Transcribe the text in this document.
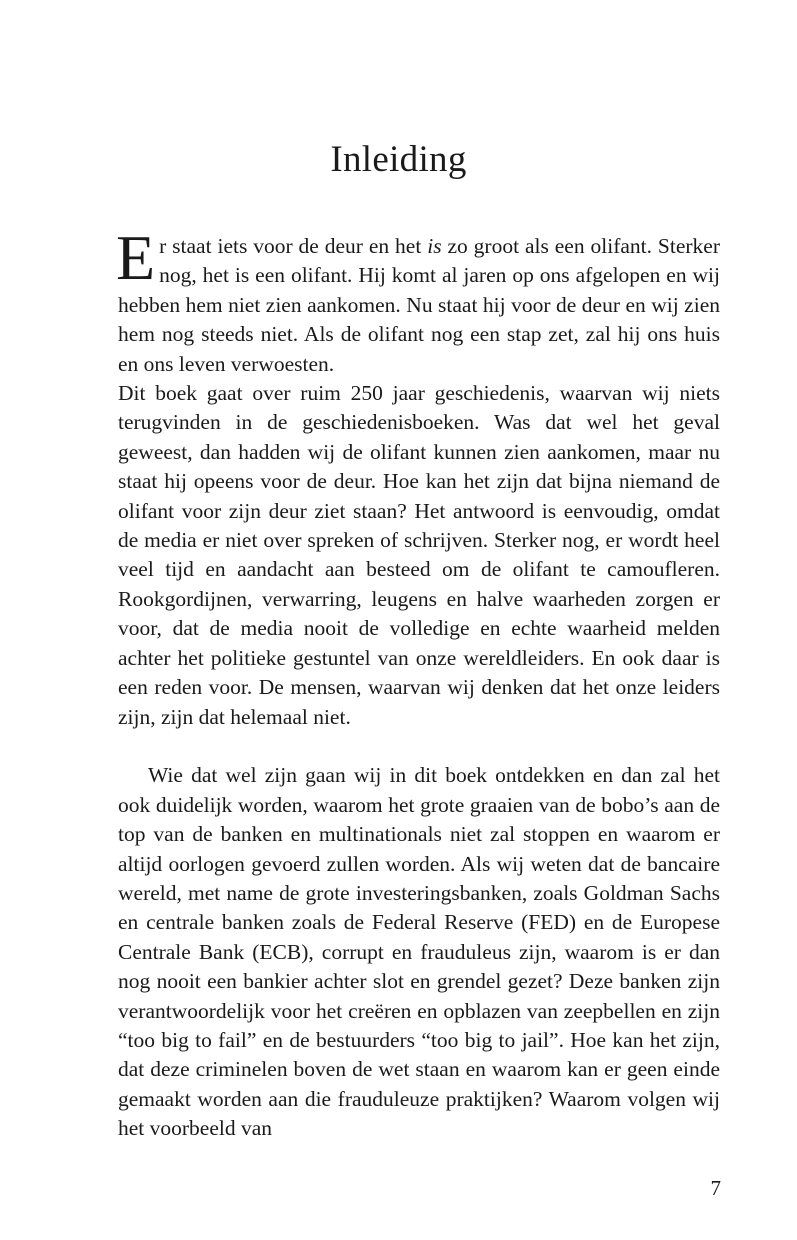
Inleiding

Er staat iets voor de deur en het is zo groot als een olifant. Sterker nog, het is een olifant. Hij komt al jaren op ons afgelopen en wij hebben hem niet zien aankomen. Nu staat hij voor de deur en wij zien hem nog steeds niet. Als de olifant nog een stap zet, zal hij ons huis en ons leven verwoesten.

Dit boek gaat over ruim 250 jaar geschiedenis, waarvan wij niets terugvinden in de geschiedenisboeken. Was dat wel het geval geweest, dan hadden wij de olifant kunnen zien aankomen, maar nu staat hij opeens voor de deur. Hoe kan het zijn dat bijna niemand de olifant voor zijn deur ziet staan? Het antwoord is eenvoudig, omdat de media er niet over spreken of schrijven. Sterker nog, er wordt heel veel tijd en aandacht aan besteed om de olifant te camoufleren. Rookgordijnen, verwarring, leugens en halve waarheden zorgen er voor, dat de media nooit de volledige en echte waarheid melden achter het politieke gestuntel van onze wereldleiders. En ook daar is een reden voor. De mensen, waarvan wij denken dat het onze leiders zijn, zijn dat helemaal niet.

Wie dat wel zijn gaan wij in dit boek ontdekken en dan zal het ook duidelijk worden, waarom het grote graaien van de bobo’s aan de top van de banken en multinationals niet zal stoppen en waarom er altijd oorlogen gevoerd zullen worden. Als wij weten dat de bancaire wereld, met name de grote investeringsbanken, zoals Goldman Sachs en centrale banken zoals de Federal Reserve (FED) en de Europese Centrale Bank (ECB), corrupt en frauduleus zijn, waarom is er dan nog nooit een bankier achter slot en grendel gezet? Deze banken zijn verantwoordelijk voor het creëren en opblazen van zeepbellen en zijn “too big to fail” en de bestuurders “too big to jail”. Hoe kan het zijn, dat deze criminelen boven de wet staan en waarom kan er geen einde gemaakt worden aan die frauduleuze praktijken? Waarom volgen wij het voorbeeld van

7
